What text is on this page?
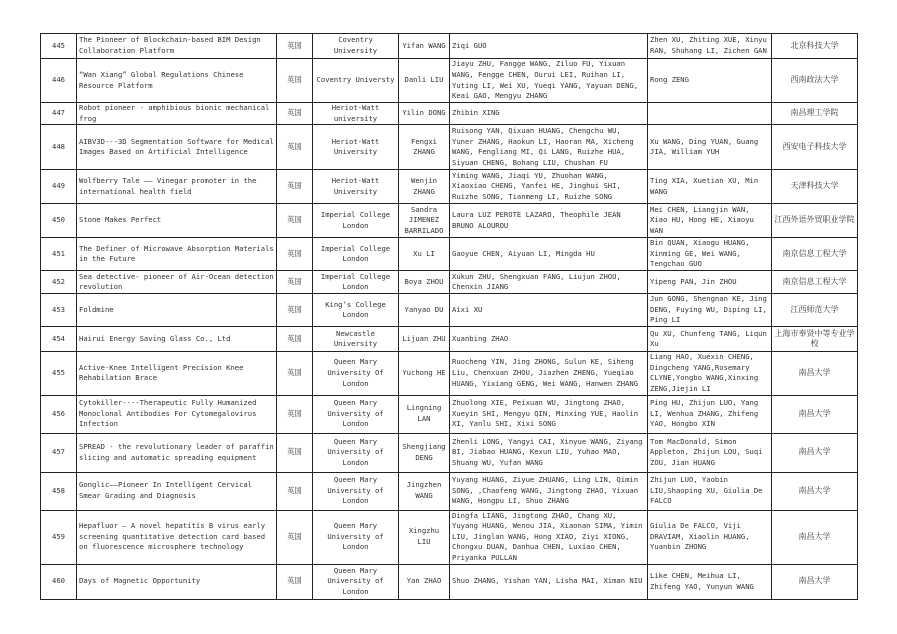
445	The Pioneer of Blockchain-based BIM Design Collaboration Platform	英国	Coventry University	Yifan WANG	Ziqi GUO	Zhen XU, Zhiting XUE, Xinyu RAN, Shuhang LI, Zichen GAN	北京科技大学
446	“Wan Xiang” Global Regulations Chinese Resource Platform	英国	Coventry Universty	Danli LIU	Jiayu ZHU, Fangge WANG, Ziluo FU, Yixuan WANG, Fengge CHEN, Ourui LEI, Ruihan LI, Yuting LI, Wei XU, Yueqi YANG, Yayuan DENG, Keai GAO, Mengyu ZHANG	Rong ZENG	西南政法大学
447	Robot pioneer - amphibious bionic mechanical frog	英国	Heriot-Watt university	Yilin DONG	Zhibin XING		南昌理工学院
448	AIBV3D---3D Segmentation Software for Medical Images Based on Artificial Intelligence	英国	Heriot-Watt University	Fengxi ZHANG	Ruisong YAN, Qixuan HUANG, Chengchu WU, Yuner ZHANG, Haokun LI, Haoran MA, Xicheng WANG, Fengliang MI, Qi LANG, Ruizhe HUA, Siyuan CHENG, Bohang LIU, Chushan FU	Xu WANG, Ding YUAN, Guang JIA, William YUH	西安电子科技大学
449	Wolfberry Tale —— Vinegar promoter in the international health field	英国	Heriot-Watt University	Wenjin ZHANG	Yiming WANG, Jiaqi YU, Zhuohan WANG, Xiaoxiao CHENG, Yanfei HE, Jinghui SHI, Ruizhe SONG, Tianmeng LI, Ruizhe SONG	Ting XIA, Xuetian XU, Min WANG	天津科技大学
450	Stone Makes Perfect	英国	Imperial College London	Sandra JIMENEZ BARRILADO	Laura LUZ PEROTE LAZARO, Theophile JEAN BRUNO ALOUROU	Mei CHEN, Liangjin WAN, Xiao HU, Hong HE, Xiaoyu WAN	江西外语外贸职业学院
451	The Definer of Microwave Absorption Materials in the Future	英国	Imperial College London	Xu LI	Gaoyue CHEN, Aiyuan LI, Mingda HU	Bin QUAN, Xiaogu HUANG, Xinming GE, Wei WANG, Tengchao GUO	南京信息工程大学
452	Sea detective- pioneer of Air-Ocean detection revolution	英国	Imperial College London	Boya ZHOU	Xukun ZHU, Shengxuan FANG, Liujun ZHOU, Chenxin JIANG	Yipeng PAN, Jin ZHOU	南京信息工程大学
453	Foldmine	英国	King’s College London	Yanyao DU	Aixi XU	Jun GONG, Shengnan KE, Jing DENG, Fuying WU, Diping LI, Ping LI	江西师范大学
454	Hairui Energy Saving Glass Co., Ltd	英国	Newcastle University	Lijuan ZHU	Xuanbing ZHAO	Qu XU, Chunfeng TANG, Liqun Xu	上海市奉贤中等专业学校
455	Active-Knee Intelligent Precision Knee Rehabilation Brace	英国	Queen Mary University Of London	Yuchong HE	Ruocheng YIN, Jing ZHONG, Sulun KE, Siheng Liu, Chenxuan ZHOU, Jiazhen ZHENG, Yueqiao HUANG, Yixiang GENG, Wei WANG, Hanwen ZHANG	Liang HAO, Xuexin CHENG, Dingcheng YANG,Rosemary CLYNE,Yongbo WANG,Xinxing ZENG,Jiejin LI	南昌大学
456	Cytokiller----Therapeutic Fully Humanized Monoclonal Antibodies For Cytomegalovirus Infection	英国	Queen Mary University of London	Lingning LAN	Zhuolong XIE, Peixuan WU, Jingtong ZHAO, Xueyin SHI, Mengyu QIN, Minxing YUE, Haolin XI, Yanlu SHI, Xixi SONG	Ping HU, Zhijun LUO, Yang LI, Wenhua ZHANG, Zhifeng YAO, Hongbo XIN	南昌大学
457	SPREAD - the revolutionary leader of paraffin slicing and automatic spreading equipment	英国	Queen Mary University of London	Shengjiang DENG	Zhenli LONG, Yangyi CAI, Xinyue WANG, Ziyang BI, Jiabao HUANG, Kexun LIU, Yuhao MAO, Shuang WU, Yufan WANG	Tom MacDonald, Simon Appleton, Zhijun LOU, Suqi ZOU, Jian HUANG	南昌大学
458	Gonglic——Pioneer In Intelligent Cervical Smear Grading and Diagnosis	英国	Queen Mary University of London	Jingzhen WANG	Yuyang HUANG, Ziyue ZHUANG, Ling LIN, Qimin SONG, ,Chaofeng WANG, Jingtong ZHAO, Yixuan WANG, Hongpu LI, Shuo ZHANG	Zhijun LUO, Yaobin LIU,Shaoping XU, Giulia De FALCO	南昌大学
459	Hepafluor — A novel hepatitis B virus early screening quantitative detection card based on fluorescence microsphere technology	英国	Queen Mary University of London	Xingzhu LIU	Dingfa LIANG, Jingtong ZHAO, Chang XU, Yuyang HUANG, Wenou JIA, Xiaonan SIMA, Yimin LIU, Jinglan WANG, Hong XIAO, Ziyi XIONG, Chongxu DUAN, Danhua CHEN, Luxiao CHEN, Priyanka PULLAN	Giulia De FALCO, Viji DRAVIAM, Xiaolin HUANG, Yuanbin ZHONG	南昌大学
460	Days of Magnetic Opportunity	英国	Queen Mary University of London	Yan ZHAO	Shuo ZHANG, Yishan YAN, Lisha MAI, Ximan NIU	Like CHEN, Meihua LI, Zhifeng YAO, Yunyun WANG	南昌大学
